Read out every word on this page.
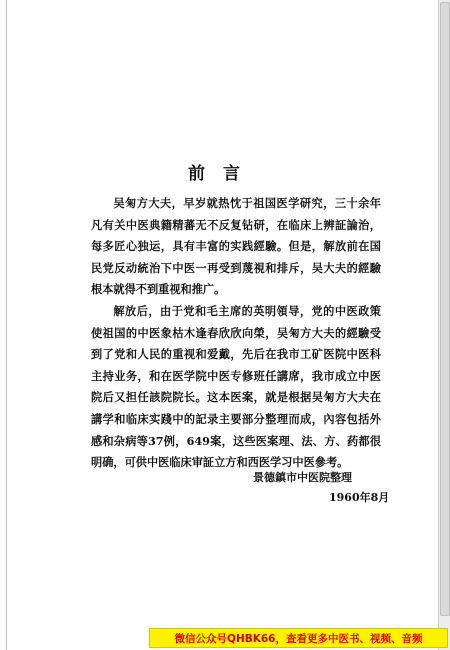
前言

吴匊方大夫，早岁就热忱于祖国医学研究，三十余年凡有关中医典籍精蕃无不反复钻研，在临床上辨証論治，每多匠心独运，具有丰富的实践經驗。但是，解放前在国民党反动統治下中医一再受到蔑視和排斥，吴大夫的經驗根本就得不到重视和推广。

解放后，由于党和毛主席的英明領导，党的中医政策使祖国的中医象枯木逢春欣欣向榮，吴匊方大夫的經驗受到了党和人民的重视和爱戴，先后在我市工矿医院中医科主持业务，和在医学院中医专修班任講席，我市成立中医院后又担任該院院长。这本医案，就是根据吴匊方大夫在講学和临床实踐中的記录主要部分整理而成，內容包括外感和杂病等37例，649案，这些医案理、法、方、药都很明确，可供中医临床审証立方和西医学习中医參考。

景德鎮市中医院整理
1960年8月
微信公众号QHBK66，查看更多中医书、视频、音频
